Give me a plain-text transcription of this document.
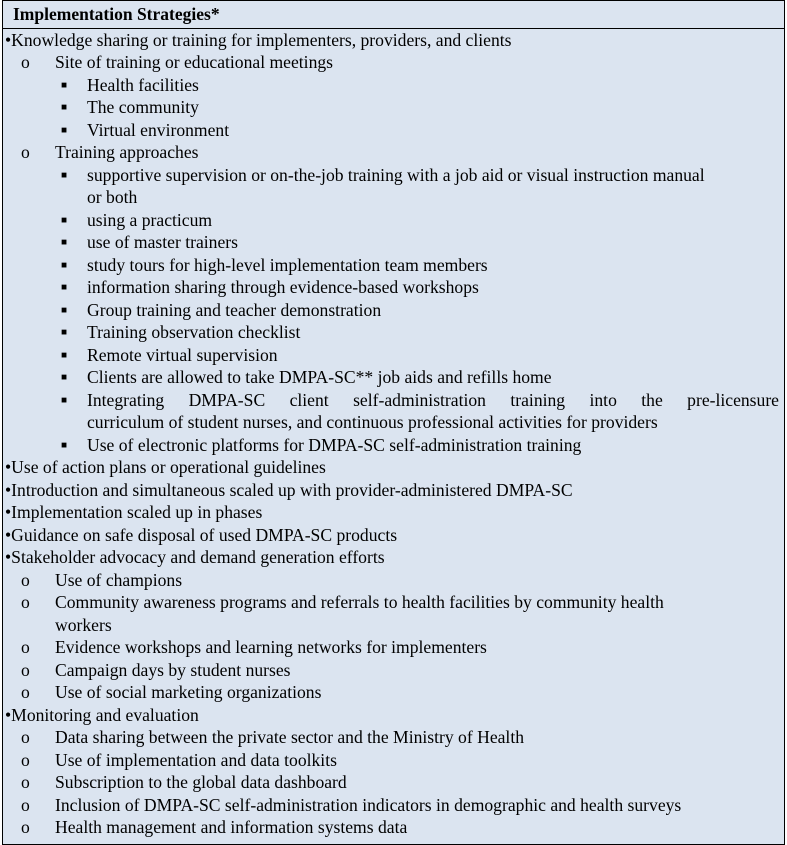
Implementation Strategies*
•Knowledge sharing or training for implementers, providers, and clients
o Site of training or educational meetings
■ Health facilities
■ The community
■ Virtual environment
o Training approaches
■ supportive supervision or on-the-job training with a job aid or visual instruction manual
or both
■ using a practicum
■ use of master trainers
■ study tours for high-level implementation team members
■ information sharing through evidence-based workshops
■ Group training and teacher demonstration
■ Training observation checklist
■ Remote virtual supervision
■ Clients are allowed to take DMPA-SC** job aids and refills home
■ Integrating DMPA-SC client self-administration training into the pre-licensure
curriculum of student nurses, and continuous professional activities for providers
■ Use of electronic platforms for DMPA-SC self-administration training
•Use of action plans or operational guidelines
•Introduction and simultaneous scaled up with provider-administered DMPA-SC
•Implementation scaled up in phases
•Guidance on safe disposal of used DMPA-SC products
•Stakeholder advocacy and demand generation efforts
o Use of champions
o Community awareness programs and referrals to health facilities by community health
workers
o Evidence workshops and learning networks for implementers
o Campaign days by student nurses
o Use of social marketing organizations
•Monitoring and evaluation
o Data sharing between the private sector and the Ministry of Health
o Use of implementation and data toolkits
o Subscription to the global data dashboard
o Inclusion of DMPA-SC self-administration indicators in demographic and health surveys
o Health management and information systems data
